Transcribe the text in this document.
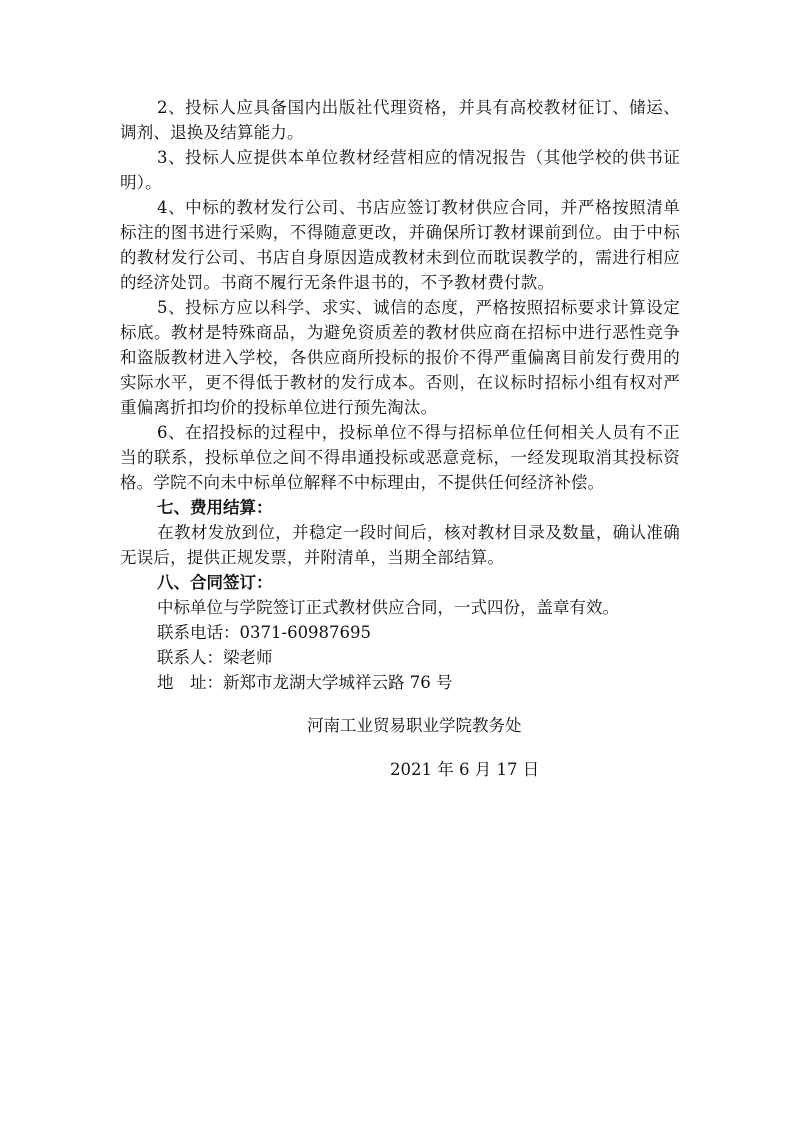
2、投标人应具备国内出版社代理资格，并具有高校教材征订、储运、调剂、退换及结算能力。

3、投标人应提供本单位教材经营相应的情况报告（其他学校的供书证明）。

4、中标的教材发行公司、书店应签订教材供应合同，并严格按照清单标注的图书进行采购，不得随意更改，并确保所订教材课前到位。由于中标的教材发行公司、书店自身原因造成教材未到位而耽误教学的，需进行相应的经济处罚。书商不履行无条件退书的，不予教材费付款。

5、投标方应以科学、求实、诚信的态度，严格按照招标要求计算设定标底。教材是特殊商品，为避免资质差的教材供应商在招标中进行恶性竞争和盗版教材进入学校，各供应商所投标的报价不得严重偏离目前发行费用的实际水平，更不得低于教材的发行成本。否则，在议标时招标小组有权对严重偏离折扣均价的投标单位进行预先淘汰。

6、在招投标的过程中，投标单位不得与招标单位任何相关人员有不正当的联系，投标单位之间不得串通投标或恶意竞标，一经发现取消其投标资格。学院不向未中标单位解释不中标理由，不提供任何经济补偿。

七、费用结算：

在教材发放到位，并稳定一段时间后，核对教材目录及数量，确认准确无误后，提供正规发票，并附清单，当期全部结算。

八、合同签订：

中标单位与学院签订正式教材供应合同，一式四份，盖章有效。

联系电话：0371-60987695

联系人：梁老师

地　址：新郑市龙湖大学城祥云路 76 号

河南工业贸易职业学院教务处

2021 年 6 月 17 日
